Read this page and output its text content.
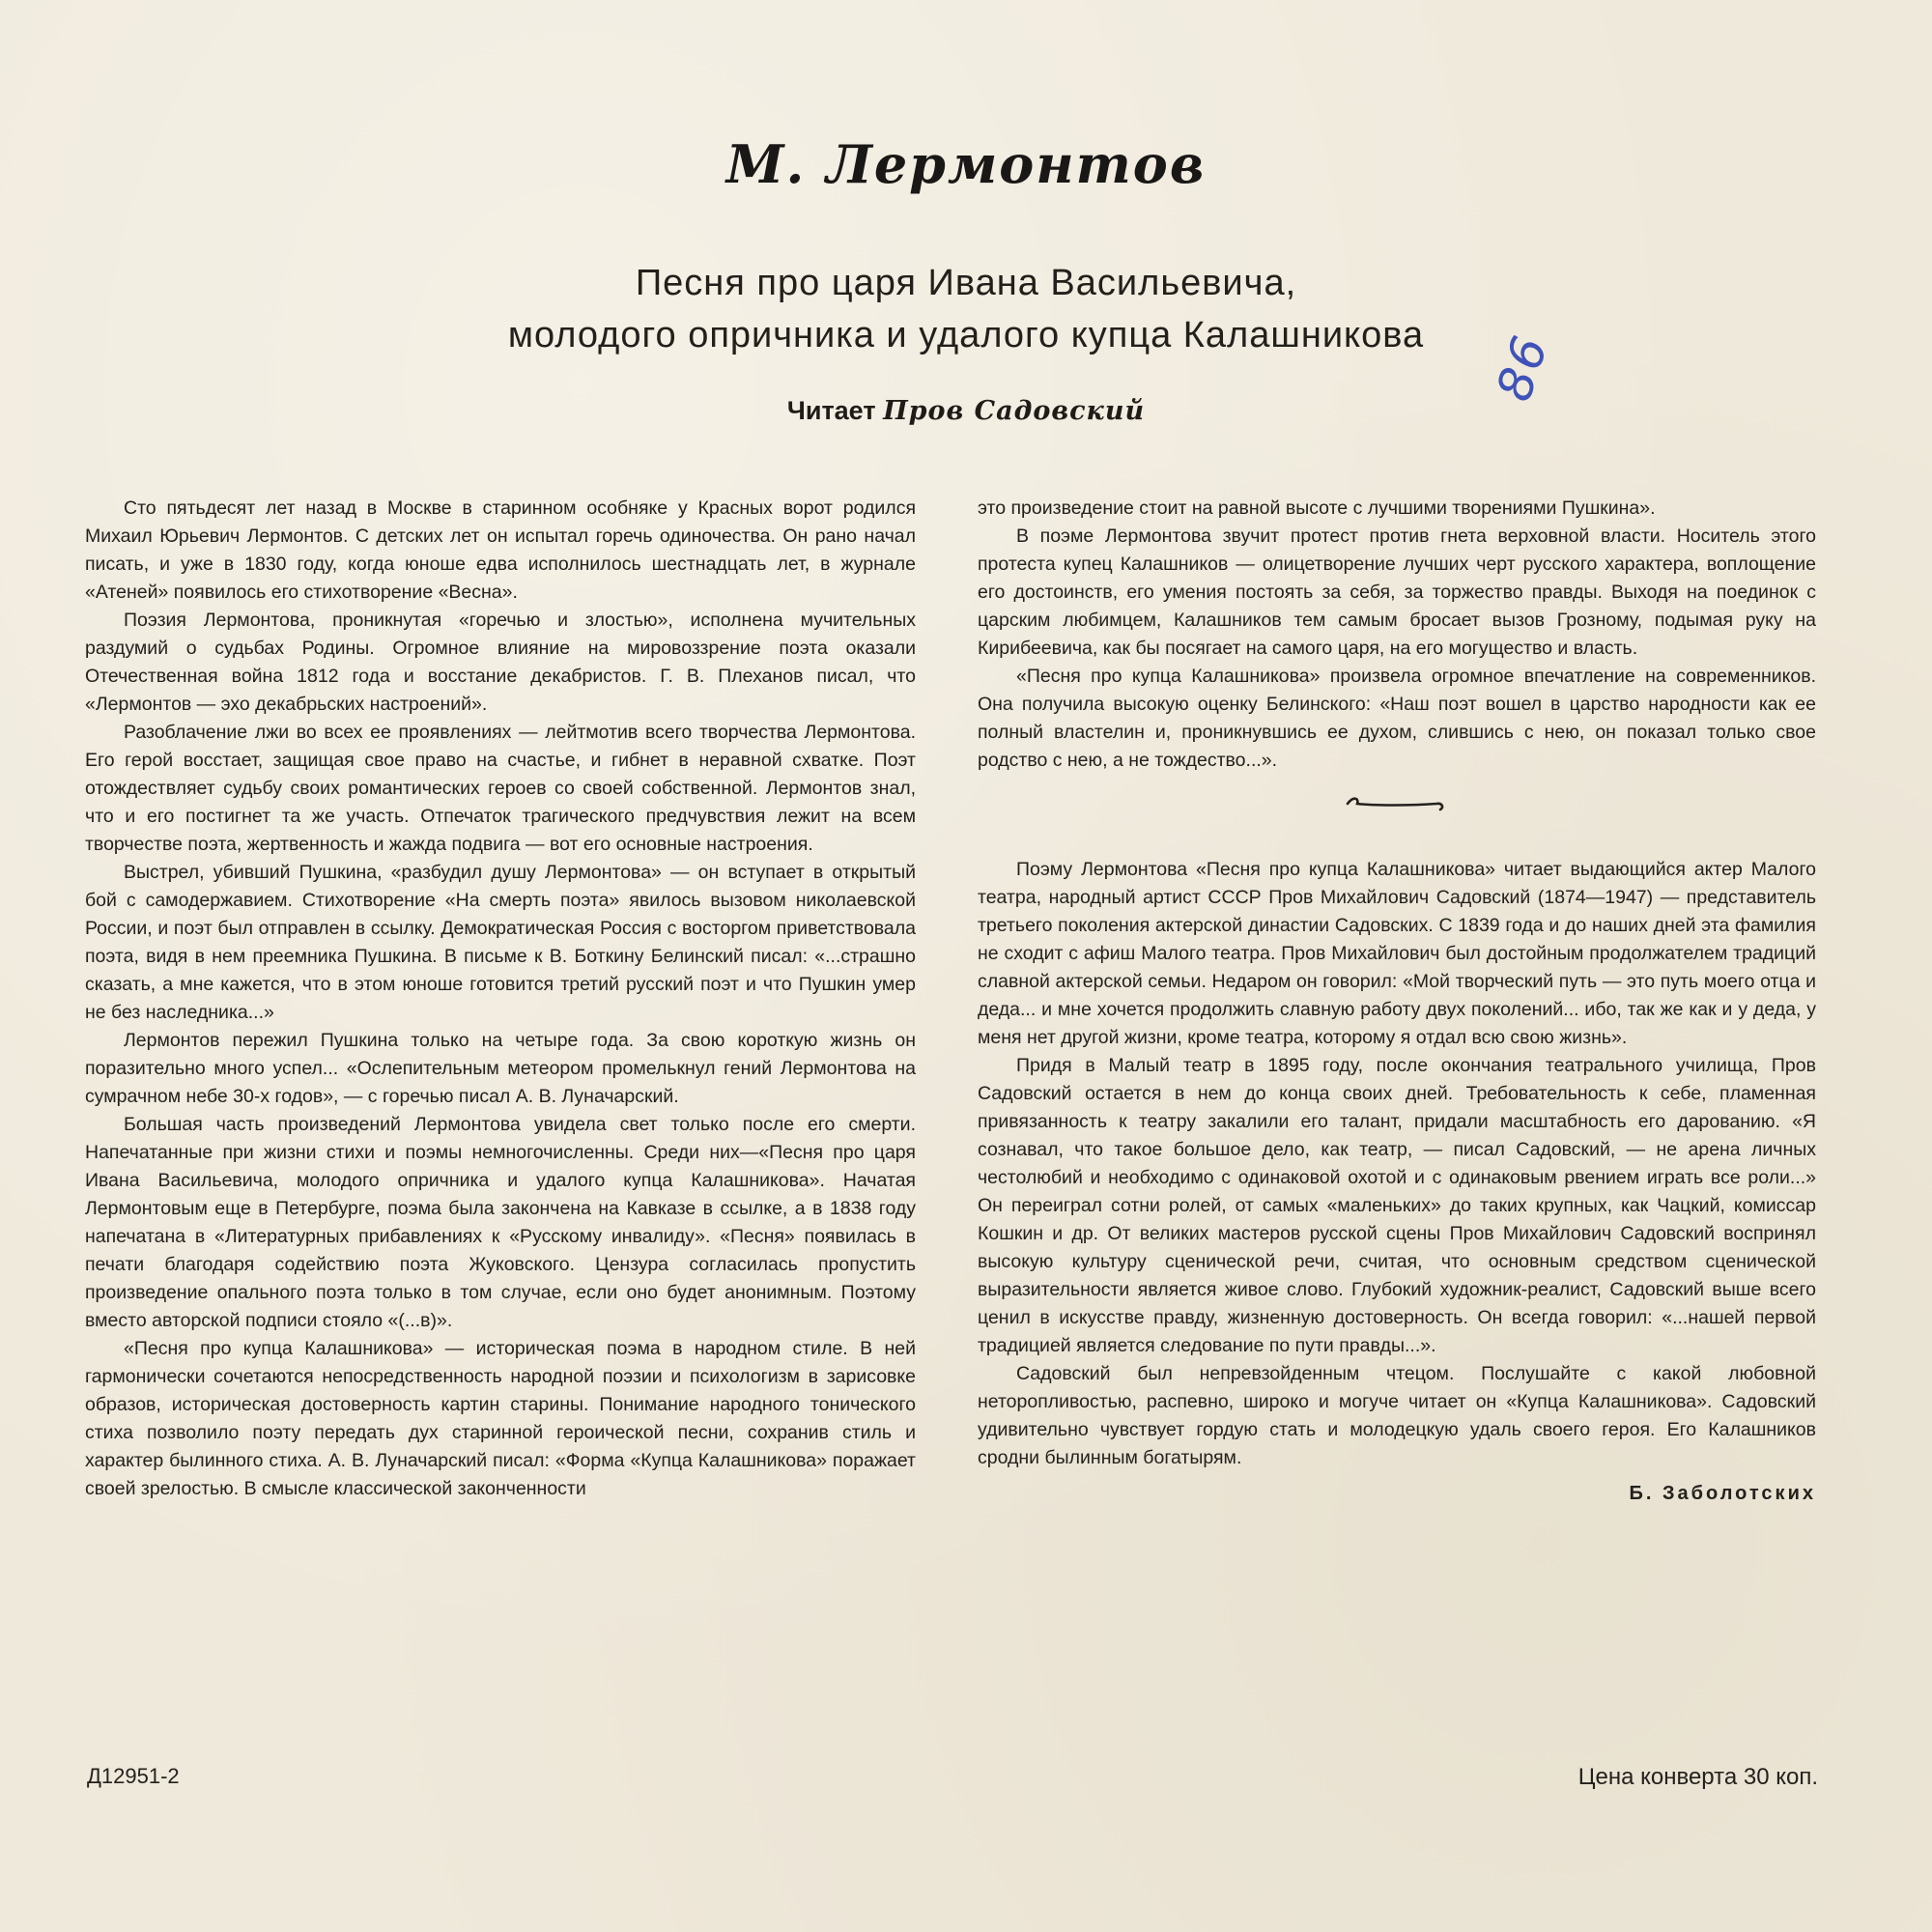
М. Лермонтов
Песня про царя Ивана Васильевича,
молодого опричника и удалого купца Калашникова
Читает Пров Садовский
86

Сто пятьдесят лет назад в Москве в старинном особняке у Красных ворот родился Михаил Юрьевич Лермонтов. С детских лет он испытал горечь одиночества. Он рано начал писать, и уже в 1830 году, когда юноше едва исполнилось шестнадцать лет, в журнале «Атеней» появилось его стихотворение «Весна».

Поэзия Лермонтова, проникнутая «горечью и злостью», исполнена мучительных раздумий о судьбах Родины. Огромное влияние на мировоззрение поэта оказали Отечественная война 1812 года и восстание декабристов. Г. В. Плеханов писал, что «Лермонтов — эхо декабрьских настроений».

Разоблачение лжи во всех ее проявлениях — лейтмотив всего творчества Лермонтова. Его герой восстает, защищая свое право на счастье, и гибнет в неравной схватке. Поэт отождествляет судьбу своих романтических героев со своей собственной. Лермонтов знал, что и его постигнет та же участь. Отпечаток трагического предчувствия лежит на всем творчестве поэта, жертвенность и жажда подвига — вот его основные настроения.

Выстрел, убивший Пушкина, «разбудил душу Лермонтова» — он вступает в открытый бой с самодержавием. Стихотворение «На смерть поэта» явилось вызовом николаевской России, и поэт был отправлен в ссылку. Демократическая Россия с восторгом приветствовала поэта, видя в нем преемника Пушкина. В письме к В. Боткину Белинский писал: «...страшно сказать, а мне кажется, что в этом юноше готовится третий русский поэт и что Пушкин умер не без наследника...»

Лермонтов пережил Пушкина только на четыре года. За свою короткую жизнь он поразительно много успел... «Ослепительным метеором промелькнул гений Лермонтова на сумрачном небе 30-х годов», — с горечью писал А. В. Луначарский.

Большая часть произведений Лермонтова увидела свет только после его смерти. Напечатанные при жизни стихи и поэмы немногочисленны. Среди них—«Песня про царя Ивана Васильевича, молодого опричника и удалого купца Калашникова». Начатая Лермонтовым еще в Петербурге, поэма была закончена на Кавказе в ссылке, а в 1838 году напечатана в «Литературных прибавлениях к «Русскому инвалиду». «Песня» появилась в печати благодаря содействию поэта Жуковского. Цензура согласилась пропустить произведение опального поэта только в том случае, если оно будет анонимным. Поэтому вместо авторской подписи стояло «(...в)».

«Песня про купца Калашникова» — историческая поэма в народном стиле. В ней гармонически сочетаются непосредственность народной поэзии и психологизм в зарисовке образов, историческая достоверность картин старины. Понимание народного тонического стиха позволило поэту передать дух старинной героической песни, сохранив стиль и характер былинного стиха. А. В. Луначарский писал: «Форма «Купца Калашникова» поражает своей зрелостью. В смысле классической законченности

это произведение стоит на равной высоте с лучшими творениями Пушкина».

В поэме Лермонтова звучит протест против гнета верховной власти. Носитель этого протеста купец Калашников — олицетворение лучших черт русского характера, воплощение его достоинств, его умения постоять за себя, за торжество правды. Выходя на поединок с царским любимцем, Калашников тем самым бросает вызов Грозному, подымая руку на Кирибеевича, как бы посягает на самого царя, на его могущество и власть.

«Песня про купца Калашникова» произвела огромное впечатление на современников. Она получила высокую оценку Белинского: «Наш поэт вошел в царство народности как ее полный властелин и, проникнувшись ее духом, слившись с нею, он показал только свое родство с нею, а не тождество...».

Поэму Лермонтова «Песня про купца Калашникова» читает выдающийся актер Малого театра, народный артист СССР Пров Михайлович Садовский (1874—1947) — представитель третьего поколения актерской династии Садовских. С 1839 года и до наших дней эта фамилия не сходит с афиш Малого театра. Пров Михайлович был достойным продолжателем традиций славной актерской семьи. Недаром он говорил: «Мой творческий путь — это путь моего отца и деда... и мне хочется продолжить славную работу двух поколений... ибо, так же как и у деда, у меня нет другой жизни, кроме театра, которому я отдал всю свою жизнь».

Придя в Малый театр в 1895 году, после окончания театрального училища, Пров Садовский остается в нем до конца своих дней. Требовательность к себе, пламенная привязанность к театру закалили его талант, придали масштабность его дарованию. «Я сознавал, что такое большое дело, как театр, — писал Садовский, — не арена личных честолюбий и необходимо с одинаковой охотой и с одинаковым рвением играть все роли...» Он переиграл сотни ролей, от самых «маленьких» до таких крупных, как Чацкий, комиссар Кошкин и др. От великих мастеров русской сцены Пров Михайлович Садовский воспринял высокую культуру сценической речи, считая, что основным средством сценической выразительности является живое слово. Глубокий художник-реалист, Садовский выше всего ценил в искусстве правду, жизненную достоверность. Он всегда говорил: «...нашей первой традицией является следование по пути правды...».

Садовский был непревзойденным чтецом. Послушайте с какой любовной неторопливостью, распевно, широко и могуче читает он «Купца Калашникова». Садовский удивительно чувствует гордую стать и молодецкую удаль своего героя. Его Калашников сродни былинным богатырям.

Б. Заболотских

Д12951-2	Цена конверта 30 коп.
